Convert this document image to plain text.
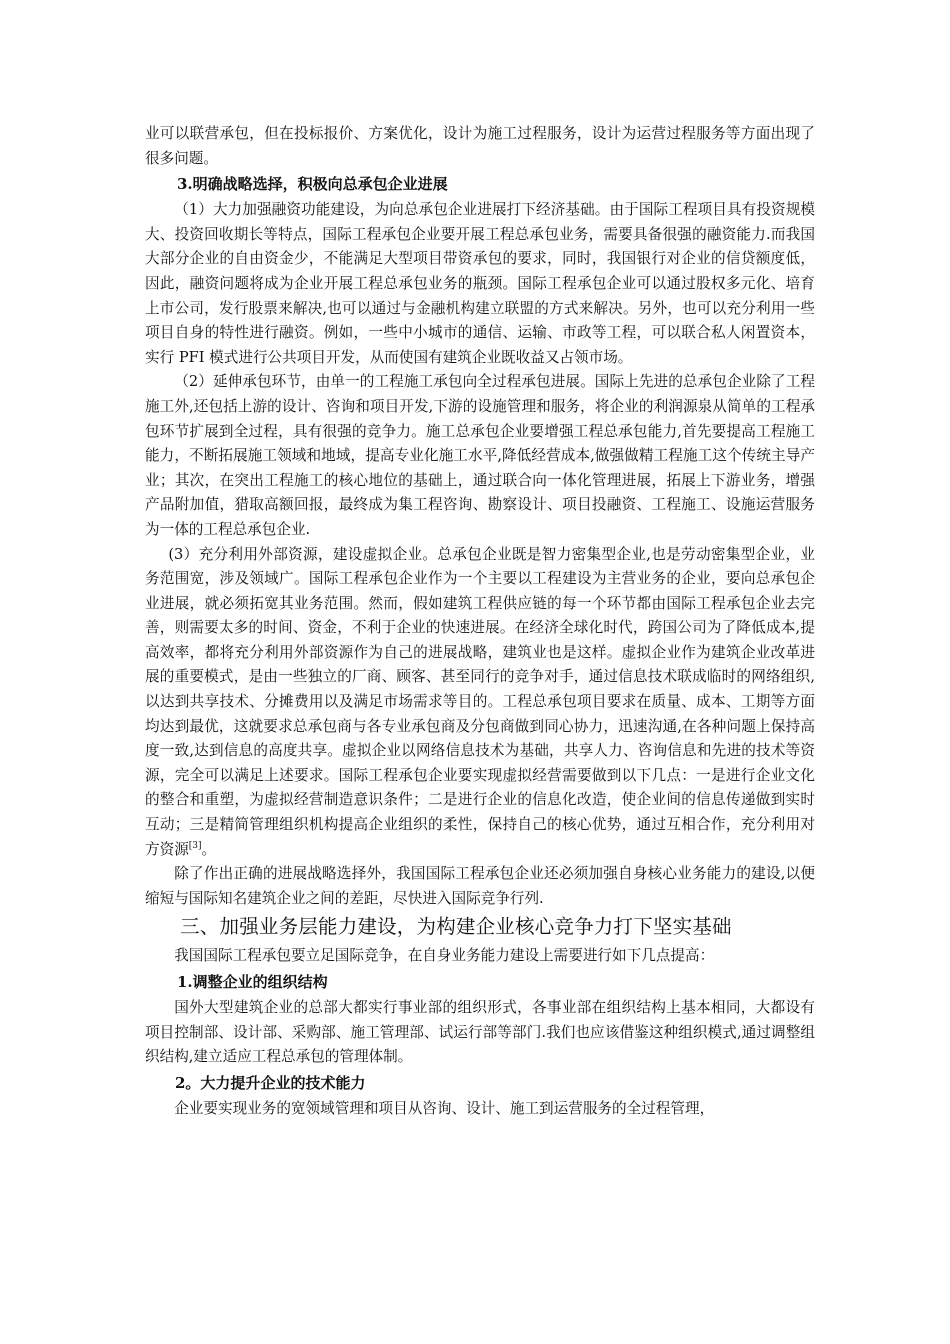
业可以联营承包，但在投标报价、方案优化，设计为施工过程服务，设计为运营过程服务等方面出现了很多问题。

3.明确战略选择，积极向总承包企业进展

（1）大力加强融资功能建设，为向总承包企业进展打下经济基础。由于国际工程项目具有投资规模大、投资回收期长等特点，国际工程承包企业要开展工程总承包业务，需要具备很强的融资能力.而我国大部分企业的自由资金少，不能满足大型项目带资承包的要求，同时，我国银行对企业的信贷额度低，因此，融资问题将成为企业开展工程总承包业务的瓶颈。国际工程承包企业可以通过股权多元化、培育上市公司，发行股票来解决,也可以通过与金融机构建立联盟的方式来解决。另外，也可以充分利用一些项目自身的特性进行融资。例如，一些中小城市的通信、运输、市政等工程，可以联合私人闲置资本，实行 PFI 模式进行公共项目开发，从而使国有建筑企业既收益又占领市场。

（2）延伸承包环节，由单一的工程施工承包向全过程承包进展。国际上先进的总承包企业除了工程施工外,还包括上游的设计、咨询和项目开发,下游的设施管理和服务，将企业的利润源泉从简单的工程承包环节扩展到全过程，具有很强的竞争力。施工总承包企业要增强工程总承包能力,首先要提高工程施工能力，不断拓展施工领域和地域，提高专业化施工水平,降低经营成本,做强做精工程施工这个传统主导产业；其次，在突出工程施工的核心地位的基础上，通过联合向一体化管理进展，拓展上下游业务，增强产品附加值，猎取高额回报，最终成为集工程咨询、勘察设计、项目投融资、工程施工、设施运营服务为一体的工程总承包企业.

(3）充分利用外部资源，建设虚拟企业。总承包企业既是智力密集型企业,也是劳动密集型企业，业务范围宽，涉及领域广。国际工程承包企业作为一个主要以工程建设为主营业务的企业，要向总承包企业进展，就必须拓宽其业务范围。然而，假如建筑工程供应链的每一个环节都由国际工程承包企业去完善，则需要太多的时间、资金，不利于企业的快速进展。在经济全球化时代，跨国公司为了降低成本,提高效率，都将充分利用外部资源作为自己的进展战略，建筑业也是这样。虚拟企业作为建筑企业改革进展的重要模式，是由一些独立的厂商、顾客、甚至同行的竞争对手，通过信息技术联成临时的网络组织,以达到共享技术、分摊费用以及满足市场需求等目的。工程总承包项目要求在质量、成本、工期等方面均达到最优，这就要求总承包商与各专业承包商及分包商做到同心协力，迅速沟通,在各种问题上保持高度一致,达到信息的高度共享。虚拟企业以网络信息技术为基础，共享人力、咨询信息和先进的技术等资源，完全可以满足上述要求。国际工程承包企业要实现虚拟经营需要做到以下几点：一是进行企业文化的整合和重塑，为虚拟经营制造意识条件；二是进行企业的信息化改造，使企业间的信息传递做到实时互动；三是精简管理组织机构提高企业组织的柔性，保持自己的核心优势，通过互相合作，充分利用对方资源[3]。

除了作出正确的进展战略选择外，我国国际工程承包企业还必须加强自身核心业务能力的建设,以便缩短与国际知名建筑企业之间的差距，尽快进入国际竞争行列.

三、加强业务层能力建设，为构建企业核心竞争力打下坚实基础

我国国际工程承包要立足国际竞争，在自身业务能力建设上需要进行如下几点提高：

1.调整企业的组织结构

国外大型建筑企业的总部大都实行事业部的组织形式，各事业部在组织结构上基本相同，大都设有项目控制部、设计部、采购部、施工管理部、试运行部等部门.我们也应该借鉴这种组织模式,通过调整组织结构,建立适应工程总承包的管理体制。

2。大力提升企业的技术能力

企业要实现业务的宽领域管理和项目从咨询、设计、施工到运营服务的全过程管理，
